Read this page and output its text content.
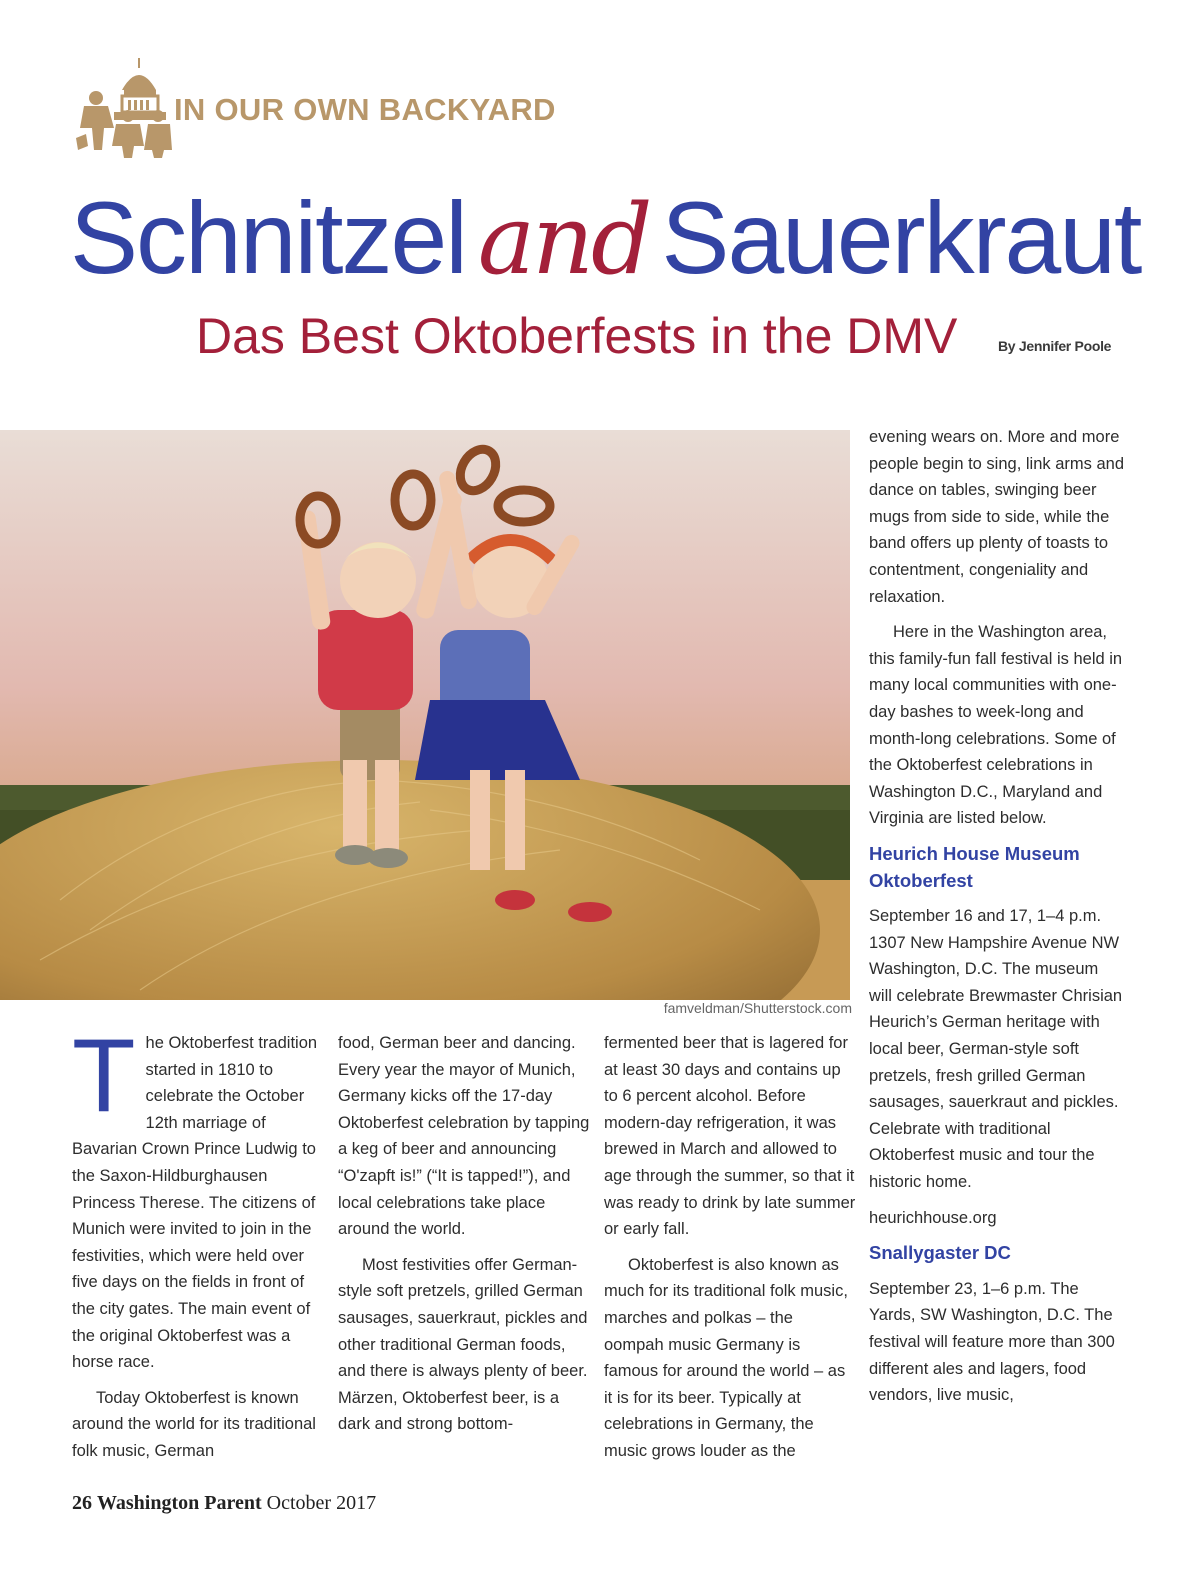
IN OUR OWN BACKYARD
Schnitzel and Sauerkraut
Das Best Oktoberfests in the DMV	By Jennifer Poole
famveldman/Shutterstock.com

The Oktoberfest tradition started in 1810 to celebrate the October 12th marriage of Bavarian Crown Prince Ludwig to the Saxon-Hildburghausen Princess Therese. The citizens of Munich were invited to join in the festivities, which were held over five days on the fields in front of the city gates. The main event of the original Oktoberfest was a horse race.

Today Oktoberfest is known around the world for its traditional folk music, German

food, German beer and dancing. Every year the mayor of Munich, Germany kicks off the 17-day Oktoberfest celebration by tapping a keg of beer and announcing “O'zapft is!” (“It is tapped!”), and local celebrations take place around the world.

Most festivities offer German-style soft pretzels, grilled German sausages, sauerkraut, pickles and other traditional German foods, and there is always plenty of beer. Märzen, Oktoberfest beer, is a dark and strong bottom-

fermented beer that is lagered for at least 30 days and contains up to 6 percent alcohol. Before modern-day refrigeration, it was brewed in March and allowed to age through the summer, so that it was ready to drink by late summer or early fall.

Oktoberfest is also known as much for its traditional folk music, marches and polkas – the oompah music Germany is famous for around the world – as it is for its beer. Typically at celebrations in Germany, the music grows louder as the

evening wears on. More and more people begin to sing, link arms and dance on tables, swinging beer mugs from side to side, while the band offers up plenty of toasts to contentment, congeniality and relaxation.

Here in the Washington area, this family-fun fall festival is held in many local communities with one-day bashes to week-long and month-long celebrations. Some of the Oktoberfest celebrations in Washington D.C., Maryland and Virginia are listed below.

Heurich House Museum Oktoberfest

September 16 and 17, 1–4 p.m. 1307 New Hampshire Avenue NW Washington, D.C. The museum will celebrate Brewmaster Chrisian Heurich’s German heritage with local beer, German-style soft pretzels, fresh grilled German sausages, sauerkraut and pickles. Celebrate with traditional Oktoberfest music and tour the historic home.

heurichhouse.org

Snallygaster DC

September 23, 1–6 p.m. The Yards, SW Washington, D.C. The festival will feature more than 300 different ales and lagers, food vendors, live music,

26 Washington Parent October 2017
